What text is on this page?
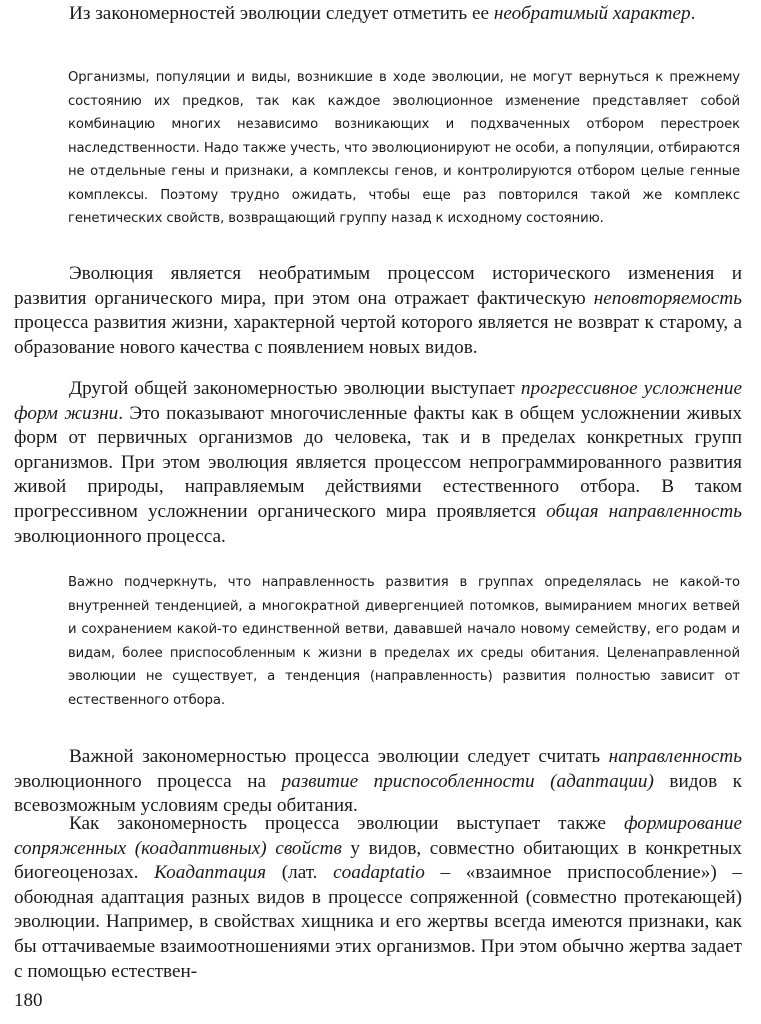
Из закономерностей эволюции следует отметить ее необратимый характер.

Организмы, популяции и виды, возникшие в ходе эволюции, не могут вернуться к прежнему состоянию их предков, так как каждое эволюционное изменение представляет собой комбинацию многих независимо возникающих и подхваченных отбором перестроек наследственности. Надо также учесть, что эволюционируют не особи, а популяции, отбираются не отдельные гены и признаки, а комплексы генов, и контролируются отбором целые генные комплексы. Поэтому трудно ожидать, чтобы еще раз повторился такой же комплекс генетических свойств, возвращающий группу назад к исходному состоянию.

Эволюция является необратимым процессом исторического изменения и развития органического мира, при этом она отражает фактическую неповторяемость процесса развития жизни, характерной чертой которого является не возврат к старому, а образование нового качества с появлением новых видов.

Другой общей закономерностью эволюции выступает прогрессивное усложнение форм жизни. Это показывают многочисленные факты как в общем усложнении живых форм от первичных организмов до человека, так и в пределах конкретных групп организмов. При этом эволюция является процессом непрограммированного развития живой природы, направляемым действиями естественного отбора. В таком прогрессивном усложнении органического мира проявляется общая направленность эволюционного процесса.

Важно подчеркнуть, что направленность развития в группах определялась не какой-то внутренней тенденцией, а многократной дивергенцией потомков, вымиранием многих ветвей и сохранением какой-то единственной ветви, дававшей начало новому семейству, его родам и видам, более приспособленным к жизни в пределах их среды обитания. Целенаправленной эволюции не существует, а тенденция (направленность) развития полностью зависит от естественного отбора.

Важной закономерностью процесса эволюции следует считать направленность эволюционного процесса на развитие приспособленности (адаптации) видов к всевозможным условиям среды обитания.

Как закономерность процесса эволюции выступает также формирование сопряженных (коадаптивных) свойств у видов, совместно обитающих в конкретных биогеоценозах. Коадаптация (лат. coadaptatio – «взаимное приспособление») – обоюдная адаптация разных видов в процессе сопряженной (совместно протекающей) эволюции. Например, в свойствах хищника и его жертвы всегда имеются признаки, как бы оттачиваемые взаимоотношениями этих организмов. При этом обычно жертва задает с помощью естествен-

180
